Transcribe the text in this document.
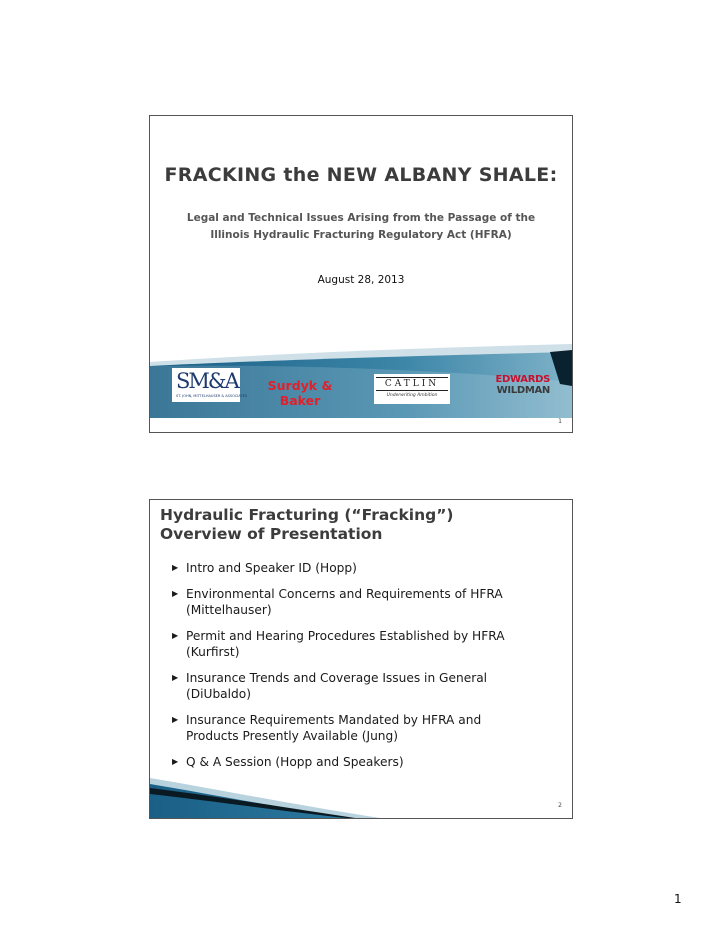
FRACKING the NEW ALBANY SHALE:
Legal and Technical Issues Arising from the Passage of the
Illinois Hydraulic Fracturing Regulatory Act (HFRA)
August 28, 2013
SM&A
ST. JOHN, MITTELHAUSER & ASSOCIATES
Surdyk & Baker
CATLIN
Underwriting Ambition
EDWARDS
WILDMAN
1
Hydraulic Fracturing (“Fracking”)
Overview of Presentation
▶ Intro and Speaker ID (Hopp)
▶ Environmental Concerns and Requirements of HFRA
(Mittelhauser)
▶ Permit and Hearing Procedures Established by HFRA
(Kurfirst)
▶ Insurance Trends and Coverage Issues in General
(DiUbaldo)
▶ Insurance Requirements Mandated by HFRA and
Products Presently Available (Jung)
▶ Q & A Session (Hopp and Speakers)
2
1
